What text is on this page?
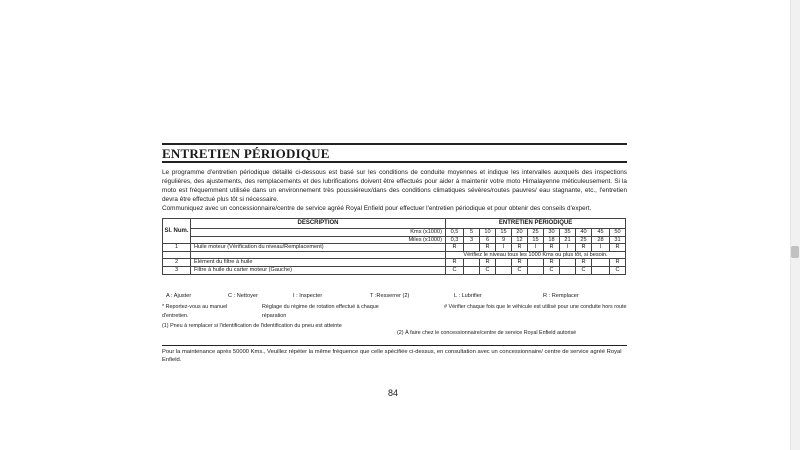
ENTRETIEN PÉRIODIQUE
Le programme d'entretien périodique détaillé ci-dessous est basé sur les conditions de conduite moyennes et indique les intervalles auxquels des inspections régulières, des ajustements, des remplacements et des lubrifications doivent être effectués pour aider à maintenir votre moto Himalayenne méticuleusement. Si la moto est fréquemment utilisée dans un environnement très poussiéreux/dans des conditions climatiques sévères/routes pauvres/ eau stagnante, etc., l'entretien devra être effectué plus tôt si nécessaire.
Communiquez avec un concessionnaire/centre de service agréé Royal Enfield pour effectuer l'entretien périodique et pour obtenir des conseils d'expert.
Sl. Num.	DESCRIPTION	ENTRETIEN PÉRIODIQUE										
	Kms (x1000)	0,5	5	10	15	20	25	30	35	40	45	50
	Miles (x1000)	0,3	3	6	9	12	15	18	21	25	28	31
1	Huile moteur (Vérification du niveau/Remplacement)	R		R	I	R	I	R	I	R	I	R
		Vérifiez le niveau tous les 1000 Kms ou plus tôt, si besoin.										
2	Élément du filtre à huile	R		R		R		R		R		R
3	Filtre à huile du carter moteur (Gauche)	C		C		C		C		C		C
A : Ajuster	C : Nettoyer	I : Inspecter	T :Resserrer (2)	L : Lubrifier	R : Remplacer
* Reportez-vous au manuel d'entretien.
Réglage du régime de rotation effectué à chaque réparation
# Vérifier chaque fois que le véhicule est utilisé pour une conduite hors route
(1) Pneu à remplacer si l'identification de l'identification du pneu est atteinte
(2) À faire chez le concessionnaire/centre de service Royal Enfield autorisé
Pour la maintenance après 50000 Kms., Veuillez répéter la même fréquence que celle spécifiée ci-dessus, en consultation avec un concessionnaire/ centre de service agréé Royal Enfield.
84
